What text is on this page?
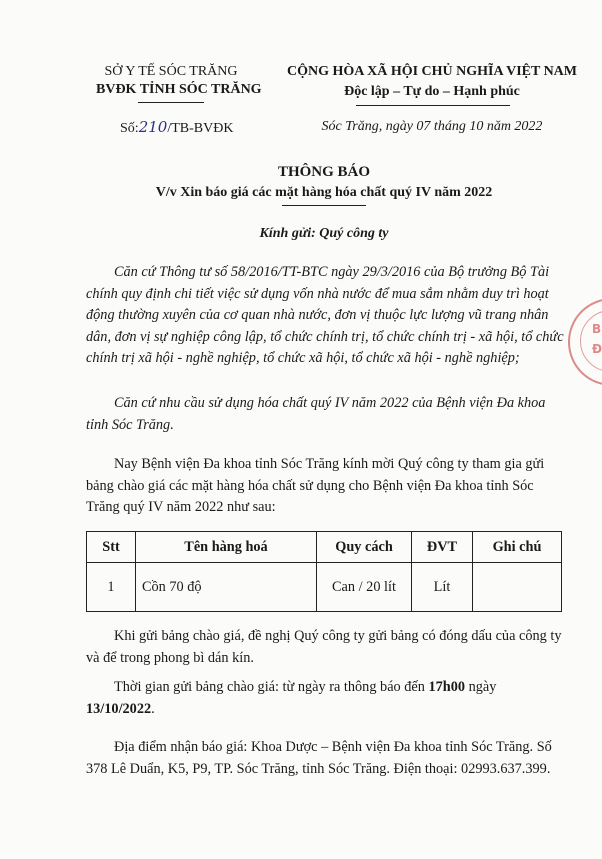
SỞ Y TẾ SÓC TRĂNG
BVĐK TỈNH SÓC TRĂNG
Số:210/TB-BVĐK
CỘNG HÒA XÃ HỘI CHỦ NGHĨA VIỆT NAM
Độc lập – Tự do – Hạnh phúc
Sóc Trăng, ngày 07 tháng 10 năm 2022
THÔNG BÁO
V/v Xin báo giá các mặt hàng hóa chất quý IV năm 2022
Kính gửi: Quý công ty
Căn cứ Thông tư số 58/2016/TT-BTC ngày 29/3/2016 của Bộ trưởng Bộ Tài
chính quy định chi tiết việc sử dụng vốn nhà nước để mua sắm nhằm duy trì hoạt
động thường xuyên của cơ quan nhà nước, đơn vị thuộc lực lượng vũ trang nhân
dân, đơn vị sự nghiệp công lập, tổ chức chính trị, tổ chức chính trị - xã hội, tổ chức
chính trị xã hội - nghề nghiệp, tổ chức xã hội, tổ chức xã hội - nghề nghiệp;
Căn cứ nhu cầu sử dụng hóa chất quý IV năm 2022 của Bệnh viện Đa khoa
tỉnh Sóc Trăng.
Nay Bệnh viện Đa khoa tỉnh Sóc Trăng kính mời Quý công ty tham gia gửi
bảng chào giá các mặt hàng hóa chất sử dụng cho Bệnh viện Đa khoa tỉnh Sóc
Trăng quý IV năm 2022 như sau:
Stt	Tên hàng hoá	Quy cách	ĐVT	Ghi chú
1	Cồn 70 độ	Can / 20 lít	Lít	
Khi gửi bảng chào giá, đề nghị Quý công ty gửi bảng có đóng dấu của công ty
và để trong phong bì dán kín.
Thời gian gửi bảng chào giá: từ ngày ra thông báo đến 17h00 ngày
13/10/2022.
Địa điểm nhận báo giá: Khoa Dược – Bệnh viện Đa khoa tỉnh Sóc Trăng. Số
378 Lê Duẩn, K5, P9, TP. Sóc Trăng, tỉnh Sóc Trăng. Điện thoại: 02993.637.399.
B
Đ
